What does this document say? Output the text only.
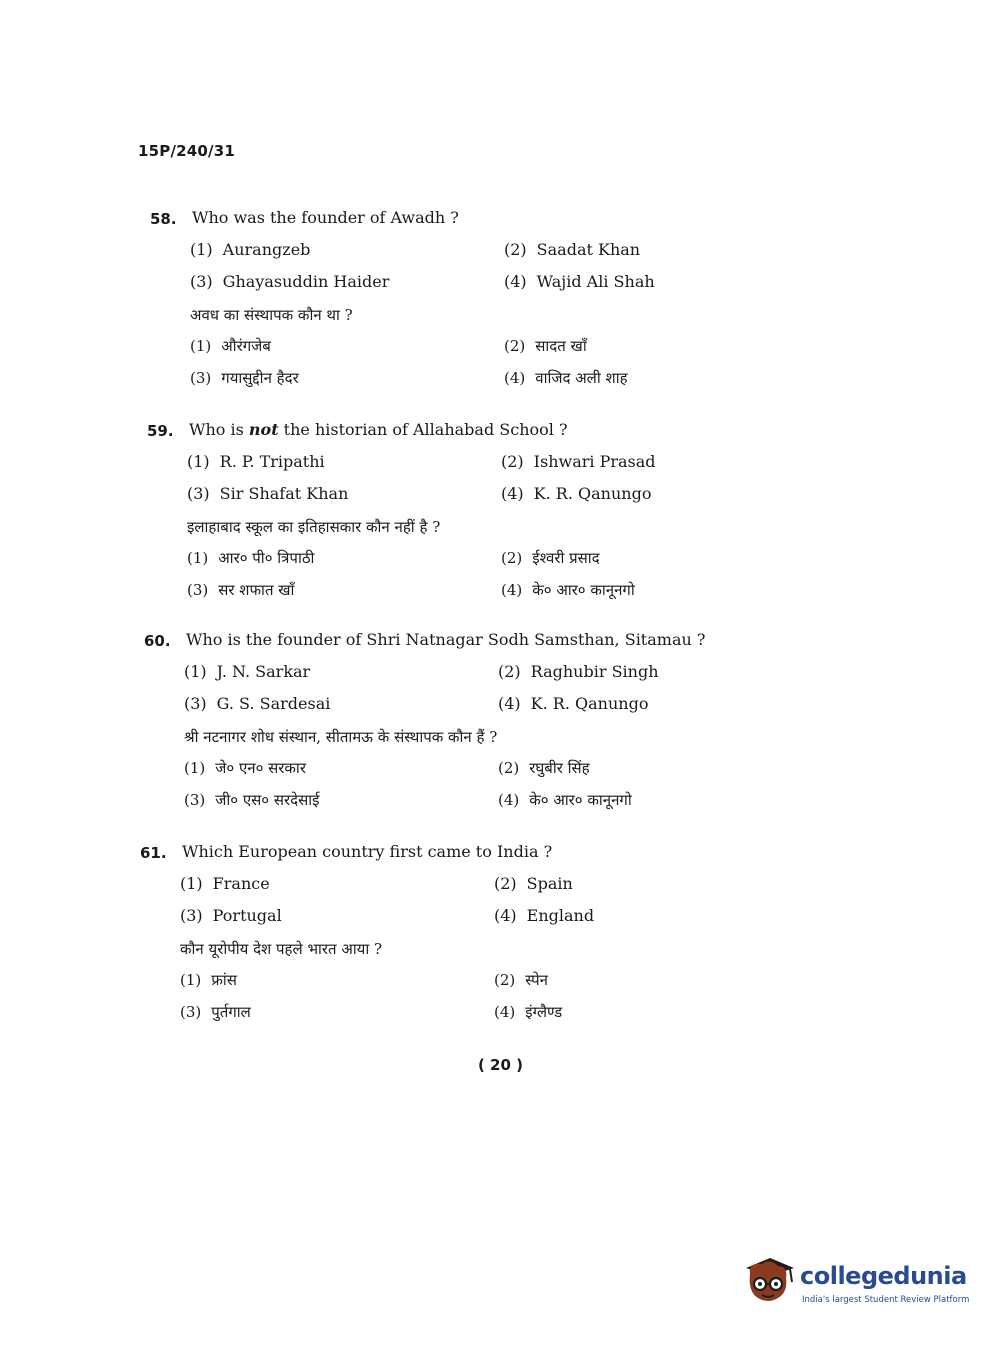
15P/240/31
58. Who was the founder of Awadh ?
(1) Aurangzeb	(2) Saadat Khan
(3) Ghayasuddin Haider	(4) Wajid Ali Shah
अवध का संस्थापक कौन था ?
(1) औरंगजेब	(2) सादत खाँ
(3) गयासुद्दीन हैदर	(4) वाजिद अली शाह
59. Who is not the historian of Allahabad School ?
(1) R. P. Tripathi	(2) Ishwari Prasad
(3) Sir Shafat Khan	(4) K. R. Qanungo
इलाहाबाद स्कूल का इतिहासकार कौन नहीं है ?
(1) आर० पी० त्रिपाठी	(2) ईश्वरी प्रसाद
(3) सर शफात खाँ	(4) के० आर० कानूनगो
60. Who is the founder of Shri Natnagar Sodh Samsthan, Sitamau ?
(1) J. N. Sarkar	(2) Raghubir Singh
(3) G. S. Sardesai	(4) K. R. Qanungo
श्री नटनागर शोध संस्थान, सीतामऊ के संस्थापक कौन हैं ?
(1) जे० एन० सरकार	(2) रघुबीर सिंह
(3) जी० एस० सरदेसाई	(4) के० आर० कानूनगो
61. Which European country first came to India ?
(1) France	(2) Spain
(3) Portugal	(4) England
कौन यूरोपीय देश पहले भारत आया ?
(1) फ्रांस	(2) स्पेन
(3) पुर्तगाल	(4) इंग्लैण्ड
( 20 )
collegedunia
India's largest Student Review Platform
